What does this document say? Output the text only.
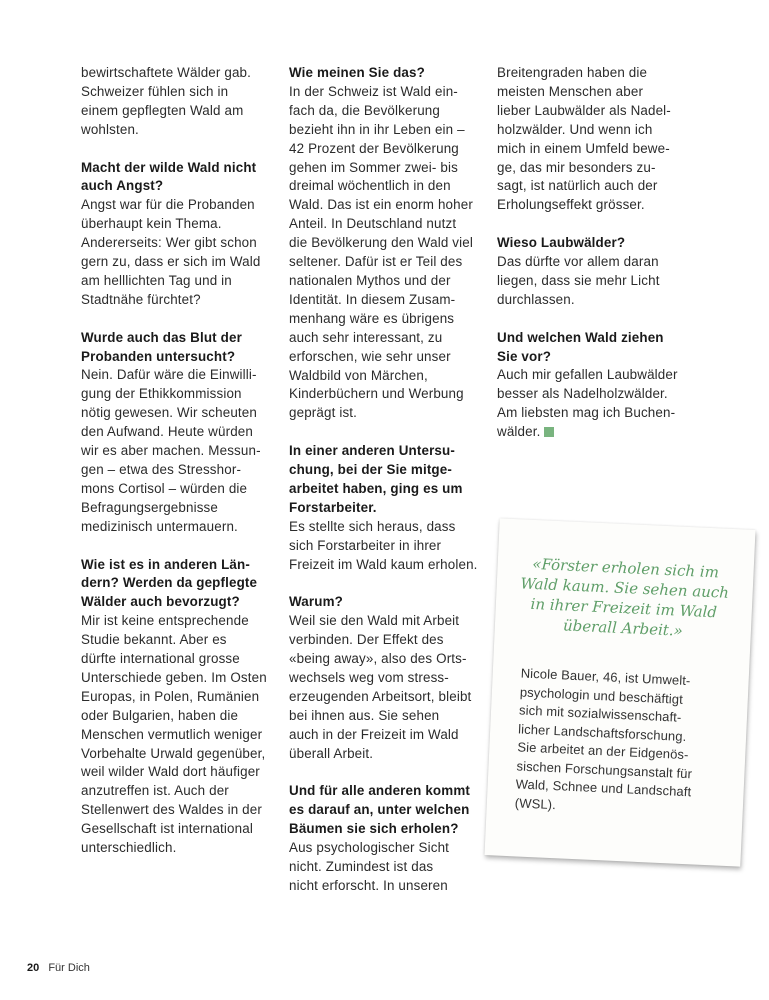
bewirtschaftete Wälder gab.
Schweizer fühlen sich in
einem gepflegten Wald am
wohlsten.
Macht der wilde Wald nicht
auch Angst?
Angst war für die Probanden
überhaupt kein Thema.
Andererseits: Wer gibt schon
gern zu, dass er sich im Wald
am helllichten Tag und in
Stadtnähe fürchtet?
Wurde auch das Blut der
Probanden untersucht?
Nein. Dafür wäre die Einwilli-
gung der Ethikkommission
nötig gewesen. Wir scheuten
den Aufwand. Heute würden
wir es aber machen. Messun-
gen – etwa des Stresshor-
mons Cortisol – würden die
Befragungsergebnisse
medizinisch untermauern.
Wie ist es in anderen Län-
dern? Werden da gepflegte
Wälder auch bevorzugt?
Mir ist keine entsprechende
Studie bekannt. Aber es
dürfte international grosse
Unterschiede geben. Im Osten
Europas, in Polen, Rumänien
oder Bulgarien, haben die
Menschen vermutlich weniger
Vorbehalte Urwald gegenüber,
weil wilder Wald dort häufiger
anzutreffen ist. Auch der
Stellenwert des Waldes in der
Gesellschaft ist international
unterschiedlich.
Wie meinen Sie das?
In der Schweiz ist Wald ein-
fach da, die Bevölkerung
bezieht ihn in ihr Leben ein –
42 Prozent der Bevölkerung
gehen im Sommer zwei- bis
dreimal wöchentlich in den
Wald. Das ist ein enorm hoher
Anteil. In Deutschland nutzt
die Bevölkerung den Wald viel
seltener. Dafür ist er Teil des
nationalen Mythos und der
Identität. In diesem Zusam-
menhang wäre es übrigens
auch sehr interessant, zu
erforschen, wie sehr unser
Waldbild von Märchen,
Kinderbüchern und Werbung
geprägt ist.
In einer anderen Untersu-
chung, bei der Sie mitge-
arbeitet haben, ging es um
Forstarbeiter.
Es stellte sich heraus, dass
sich Forstarbeiter in ihrer
Freizeit im Wald kaum erholen.
Warum?
Weil sie den Wald mit Arbeit
verbinden. Der Effekt des
«being away», also des Orts-
wechsels weg vom stress-
erzeugenden Arbeitsort, bleibt
bei ihnen aus. Sie sehen
auch in der Freizeit im Wald
überall Arbeit.
Und für alle anderen kommt
es darauf an, unter welchen
Bäumen sie sich erholen?
Aus psychologischer Sicht
nicht. Zumindest ist das
nicht erforscht. In unseren
Breitengraden haben die
meisten Menschen aber
lieber Laubwälder als Nadel-
holzwälder. Und wenn ich
mich in einem Umfeld bewe-
ge, das mir besonders zu-
sagt, ist natürlich auch der
Erholungseffekt grösser.
Wieso Laubwälder?
Das dürfte vor allem daran
liegen, dass sie mehr Licht
durchlassen.
Und welchen Wald ziehen
Sie vor?
Auch mir gefallen Laubwälder
besser als Nadelholzwälder.
Am liebsten mag ich Buchen-
wälder.
«Förster erholen sich im
Wald kaum. Sie sehen auch
in ihrer Freizeit im Wald
überall Arbeit.»
Nicole Bauer, 46, ist Umwelt-
psychologin und beschäftigt
sich mit sozialwissenschaft-
licher Landschaftsforschung.
Sie arbeitet an der Eidgenös-
sischen Forschungsanstalt für
Wald, Schnee und Landschaft
(WSL).
20 Für Dich
